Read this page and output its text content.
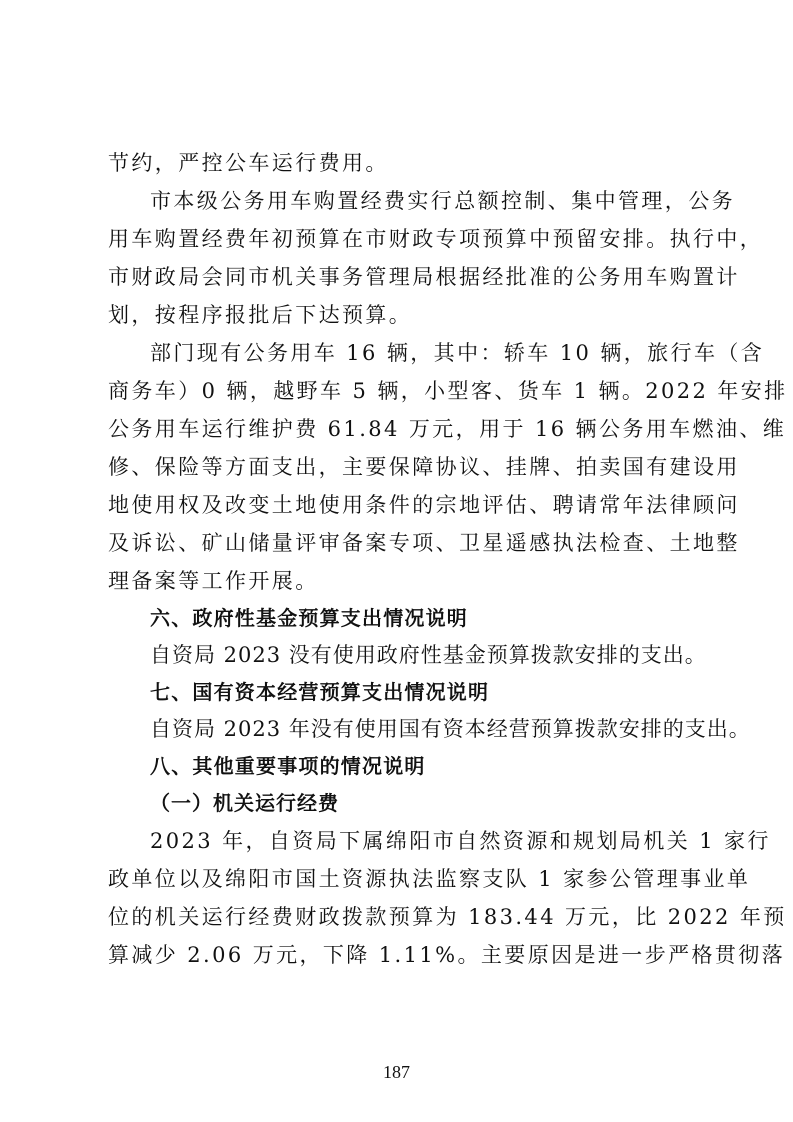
节约，严控公车运行费用。
市本级公务用车购置经费实行总额控制、集中管理，公务
用车购置经费年初预算在市财政专项预算中预留安排。执行中，
市财政局会同市机关事务管理局根据经批准的公务用车购置计
划，按程序报批后下达预算。
部门现有公务用车 16 辆，其中：轿车 10 辆，旅行车（含
商务车）0 辆，越野车 5 辆，小型客、货车 1 辆。2022 年安排
公务用车运行维护费 61.84 万元，用于 16 辆公务用车燃油、维
修、保险等方面支出，主要保障协议、挂牌、拍卖国有建设用
地使用权及改变土地使用条件的宗地评估、聘请常年法律顾问
及诉讼、矿山储量评审备案专项、卫星遥感执法检查、土地整
理备案等工作开展。
六、政府性基金预算支出情况说明
自资局 2023 没有使用政府性基金预算拨款安排的支出。
七、国有资本经营预算支出情况说明
自资局 2023 年没有使用国有资本经营预算拨款安排的支出。
八、其他重要事项的情况说明
（一）机关运行经费
2023 年，自资局下属绵阳市自然资源和规划局机关 1 家行
政单位以及绵阳市国土资源执法监察支队 1 家参公管理事业单
位的机关运行经费财政拨款预算为 183.44 万元，比 2022 年预
算减少 2.06 万元，下降 1.11%。主要原因是进一步严格贯彻落
187
